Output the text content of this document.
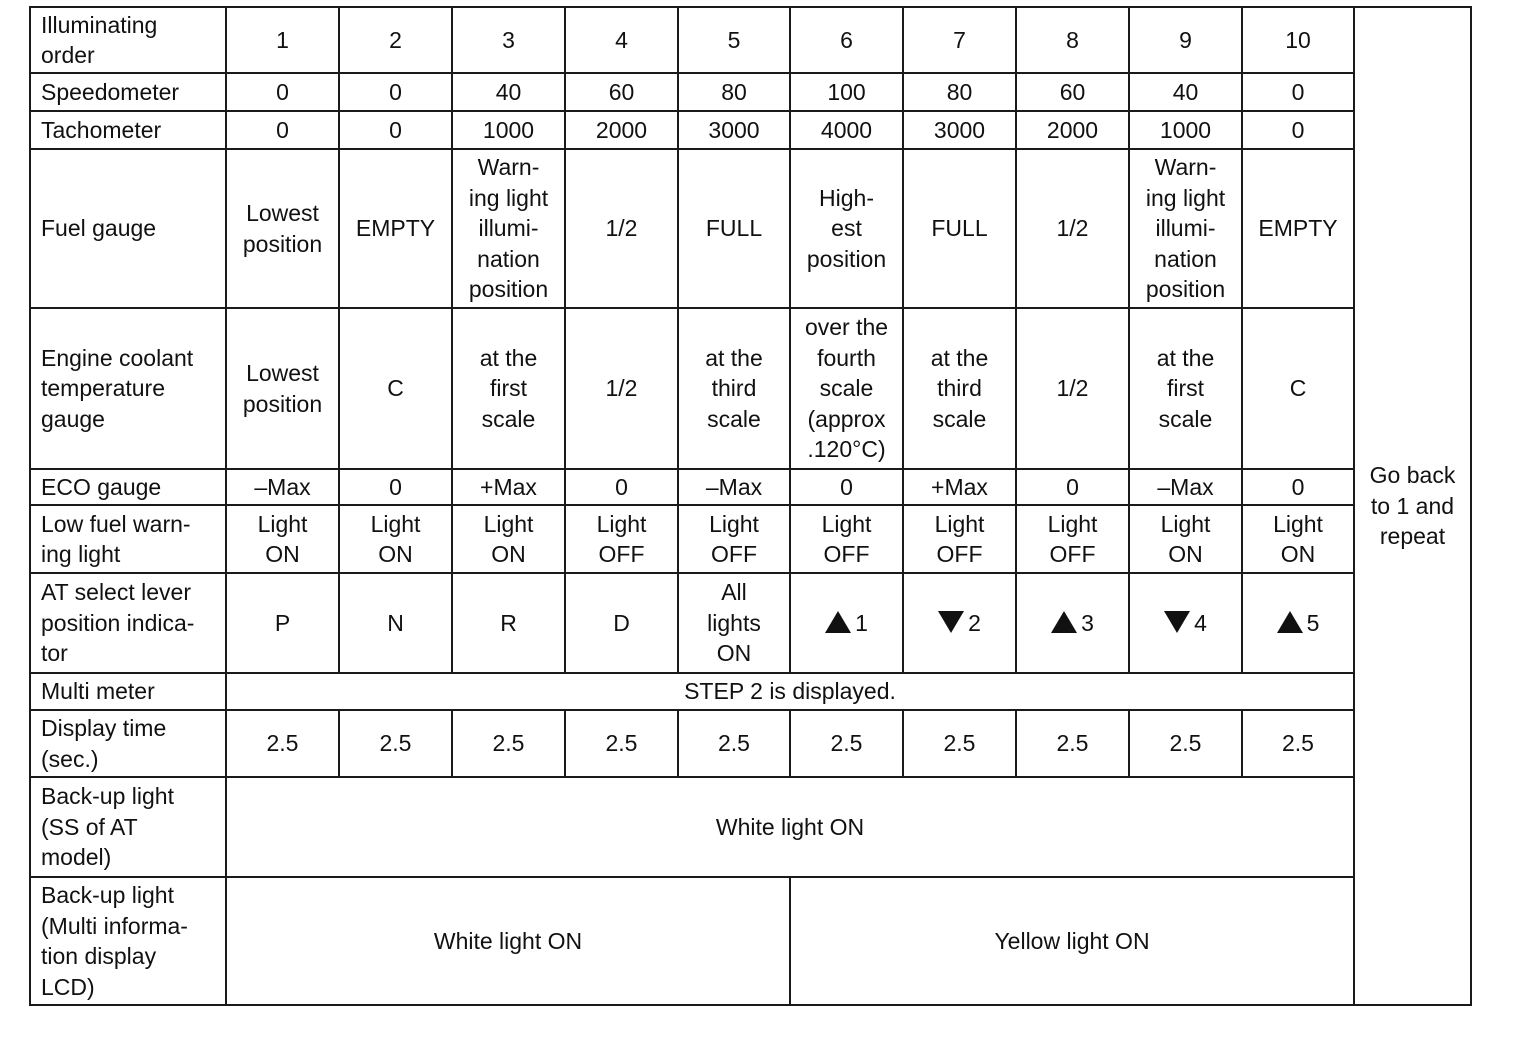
Illuminating
order	1	2	3	4	5	6	7	8	9	10	Go back
to 1 and
repeat
Speedometer	0	0	40	60	80	100	80	60	40	0	
Tachometer	0	0	1000	2000	3000	4000	3000	2000	1000	0	
Fuel gauge	Lowest
position	EMPTY	Warn-
ing light
illumi-
nation
position	1/2	FULL	High-
est
position	FULL	1/2	Warn-
ing light
illumi-
nation
position	EMPTY	
Engine coolant
temperature
gauge	Lowest
position	C	at the
first
scale	1/2	at the
third
scale	over the
fourth
scale
(approx
.120°C)	at the
third
scale	1/2	at the
first
scale	C	
ECO gauge	–Max	0	+Max	0	–Max	0	+Max	0	–Max	0	
Low fuel warn-
ing light	Light
ON	Light
ON	Light
ON	Light
OFF	Light
OFF	Light
OFF	Light
OFF	Light
OFF	Light
ON	Light
ON	
AT select lever
position indica-
tor	P	N	R	D	All
lights
ON	1	2	3	4	5	
Multi meter	STEP 2 is displayed.										
Display time
(sec.)	2.5	2.5	2.5	2.5	2.5	2.5	2.5	2.5	2.5	2.5	
Back-up light
(SS of AT
model)	White light ON										
Back-up light
(Multi informa-
tion display
LCD)	White light ON					Yellow light ON					
